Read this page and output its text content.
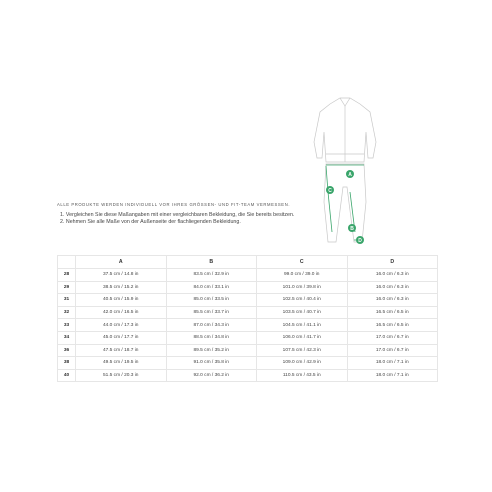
A
C
B
D
ALLE PRODUKTE WERDEN INDIVIDUELL VOR IHRES GRÖSSEN- UND FIT-TEAM VERMESSEN.
1. Vergleichen Sie diese Maßangaben mit einer vergleichbaren Bekleidung, die Sie bereits besitzen.
2. Nehmen Sie alle Maße von der Außenseite der flachliegenden Bekleidung.
	A	B	C	D
28	37.5 cm / 14.8 in	83.5 cm / 32.9 in	99.0 cm / 39.0 in	16.0 cm / 6.3 in
29	38.5 cm / 15.2 in	84.0 cm / 33.1 in	101.0 cm / 39.8 in	16.0 cm / 6.3 in
31	40.5 cm / 15.9 in	85.0 cm / 33.5 in	102.5 cm / 40.4 in	16.0 cm / 6.3 in
32	42.0 cm / 16.5 in	85.5 cm / 33.7 in	103.5 cm / 40.7 in	16.5 cm / 6.5 in
33	44.0 cm / 17.3 in	87.0 cm / 34.3 in	104.5 cm / 41.1 in	16.5 cm / 6.5 in
34	45.0 cm / 17.7 in	88.5 cm / 34.8 in	106.0 cm / 41.7 in	17.0 cm / 6.7 in
36	47.5 cm / 18.7 in	89.5 cm / 35.2 in	107.5 cm / 42.3 in	17.0 cm / 6.7 in
38	49.5 cm / 19.5 in	91.0 cm / 35.8 in	109.0 cm / 42.9 in	18.0 cm / 7.1 in
40	51.5 cm / 20.3 in	92.0 cm / 36.2 in	110.5 cm / 43.5 in	18.0 cm / 7.1 in
